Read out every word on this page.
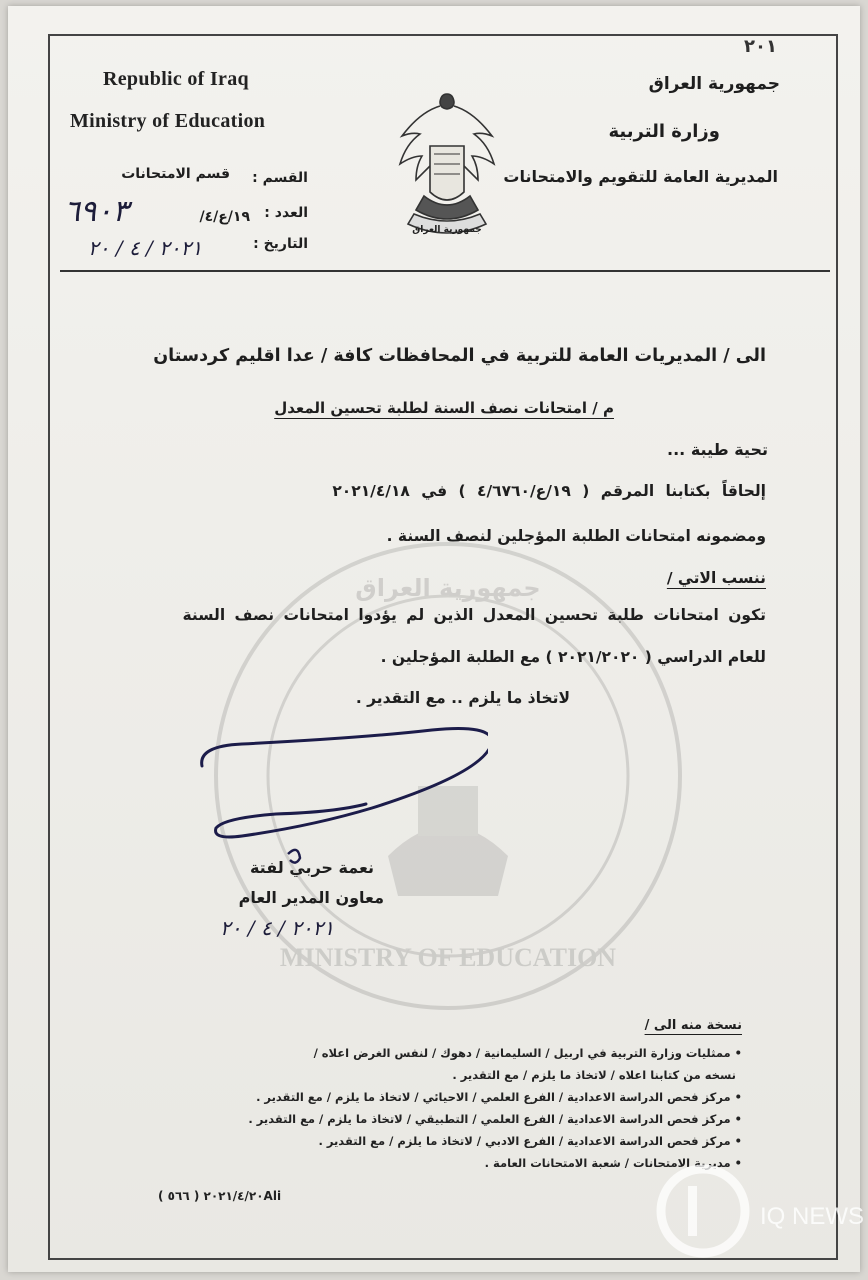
٢٠١
Republic of Iraq
Ministry of Education
جمهورية العراق
وزارة التربية
المديرية العامة للتقويم والامتحانات
جمهورية العراق
قسم الامتحانات القسم :
٦٩٠٣	١٩/ع/٤/ العدد :
٢٠٢١ / ٤ / ٢٠	التاريخ :
MINISTRY OF EDUCATION
جمهورية العراق
الى / المديريات العامة للتربية في المحافظات كافة / عدا اقليم كردستان
م / امتحانات نصف السنة لطلبة تحسين المعدل
تحية طيبة ...
إلحاقاً بكتابنا المرقم ( ١٩/ع/٤/٦٧٦٠ ) في ٢٠٢١/٤/١٨
ومضمونه امتحانات الطلبة المؤجلين لنصف السنة .
ننسب الاتي /
تكون امتحانات طلبة تحسين المعدل الذين لم يؤدوا امتحانات نصف السنة
للعام الدراسي ( ٢٠٢١/٢٠٢٠ ) مع الطلبة المؤجلين .
لاتخاذ ما يلزم .. مع التقدير .
نعمة حربي لفتة
معاون المدير العام
٢٠٢١ / ٤ / ٢٠
نسخة منه الى /
• ممثليات وزارة التربية في اربيل / السليمانية / دهوك / لنفس الغرض اعلاه /
نسخه من كتابنا اعلاه / لاتخاذ ما يلزم / مع التقدير .
• مركز فحص الدراسة الاعدادية / الفرع العلمي / الاحيائي / لاتخاذ ما يلزم / مع التقدير .
• مركز فحص الدراسة الاعدادية / الفرع العلمي / التطبيقي / لاتخاذ ما يلزم / مع التقدير .
• مركز فحص الدراسة الاعدادية / الفرع الادبي / لاتخاذ ما يلزم / مع التقدير .
• مديرية الامتحانات / شعبة الامتحانات العامة .
( ٥٦٦ ) ٢٠٢١/٤/٢٠Ali
IQ NEWS
